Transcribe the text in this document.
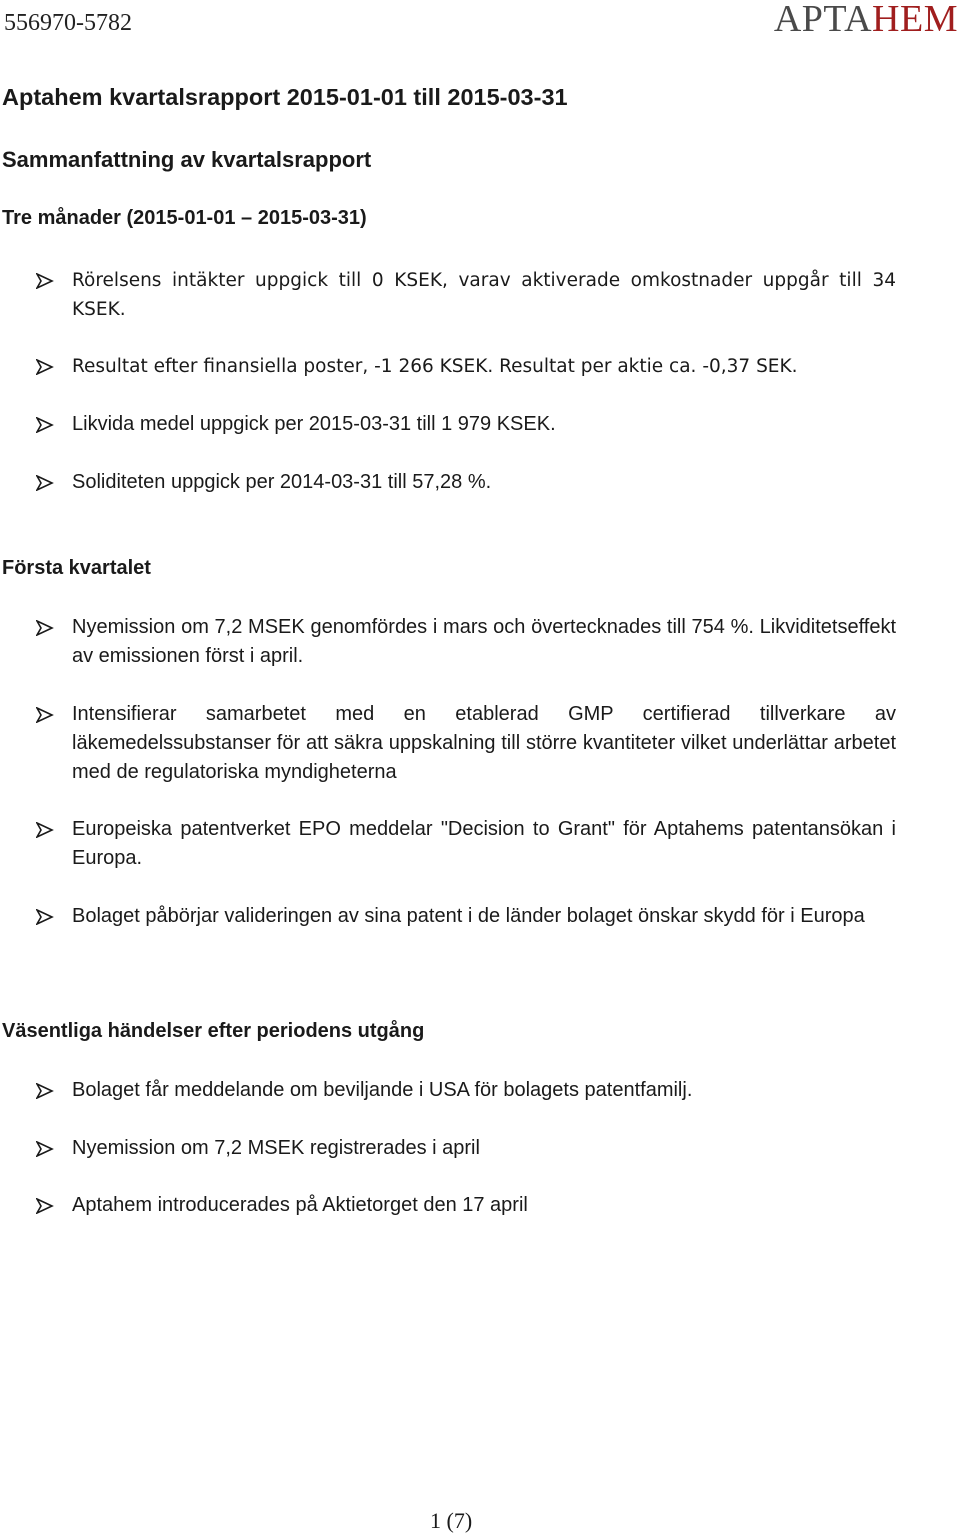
556970-5782	APTAHEM
Aptahem kvartalsrapport 2015-01-01 till 2015-03-31
Sammanfattning av kvartalsrapport
Tre månader (2015-01-01 – 2015-03-31)
Rörelsens intäkter uppgick till 0 KSEK, varav aktiverade omkostnader uppgår till 34 KSEK.
Resultat efter finansiella poster, -1 266 KSEK. Resultat per aktie ca. -0,37 SEK.
Likvida medel uppgick per 2015-03-31 till 1 979 KSEK.
Soliditeten uppgick per 2014-03-31 till 57,28 %.
Första kvartalet
Nyemission om 7,2 MSEK genomfördes i mars och övertecknades till 754 %. Likviditetseffekt av emissionen först i april.
Intensifierar samarbetet med en etablerad GMP certifierad tillverkare av läkemedelssubstanser för att säkra uppskalning till större kvantiteter vilket underlättar arbetet med de regulatoriska myndigheterna
Europeiska patentverket EPO meddelar "Decision to Grant" för Aptahems patentansökan i Europa.
Bolaget påbörjar valideringen av sina patent i de länder bolaget önskar skydd för i Europa
Väsentliga händelser efter periodens utgång
Bolaget får meddelande om beviljande i USA för bolagets patentfamilj.
Nyemission om 7,2 MSEK registrerades i april
Aptahem introducerades på Aktietorget den 17 april
1 (7)
